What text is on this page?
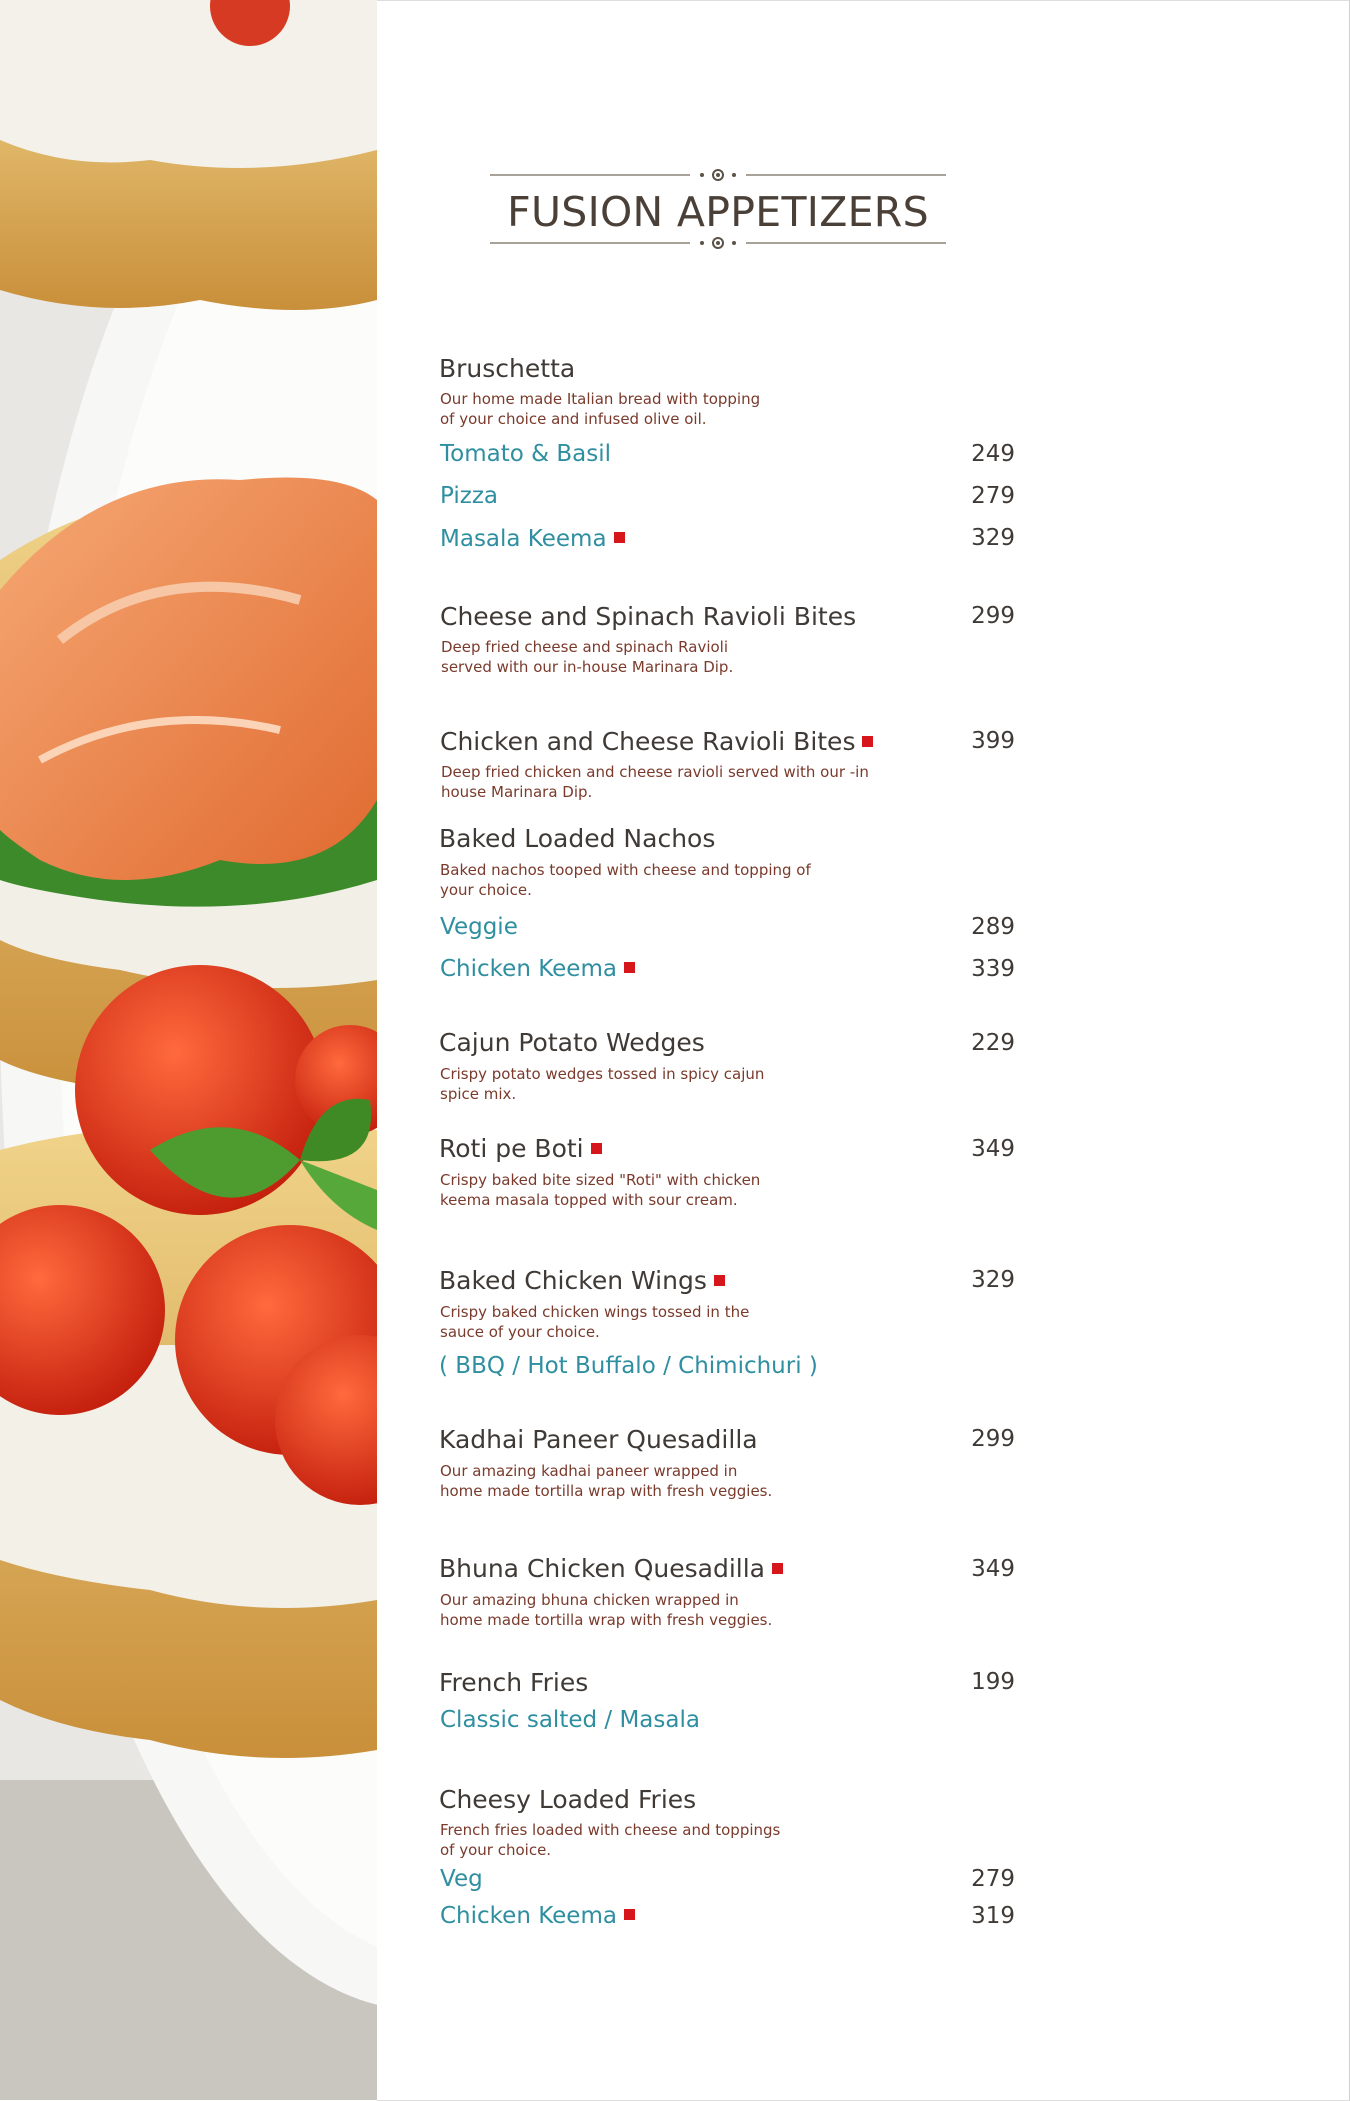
FUSION APPETIZERS
Bruschetta
Our home made Italian bread with topping
of your choice and infused olive oil.
Tomato & Basil	249
Pizza	279
Masala Keema	329
Cheese and Spinach Ravioli Bites	299
Deep fried cheese and spinach Ravioli
served with our in-house Marinara Dip.
Chicken and Cheese Ravioli Bites	399
Deep fried chicken and cheese ravioli served with our -in
house Marinara Dip.
Baked Loaded Nachos
Baked nachos tooped with cheese and topping of
your choice.
Veggie	289
Chicken Keema	339
Cajun Potato Wedges	229
Crispy potato wedges tossed in spicy cajun
spice mix.
Roti pe Boti	349
Crispy baked bite sized "Roti" with chicken
keema masala topped with sour cream.
Baked Chicken Wings	329
Crispy baked chicken wings tossed in the
sauce of your choice.
( BBQ / Hot Buffalo / Chimichuri )
Kadhai Paneer Quesadilla	299
Our amazing kadhai paneer wrapped in
home made tortilla wrap with fresh veggies.
Bhuna Chicken Quesadilla	349
Our amazing bhuna chicken wrapped in
home made tortilla wrap with fresh veggies.
French Fries	199
Classic salted / Masala
Cheesy Loaded Fries
French fries loaded with cheese and toppings
of your choice.
Veg	279
Chicken Keema	319
